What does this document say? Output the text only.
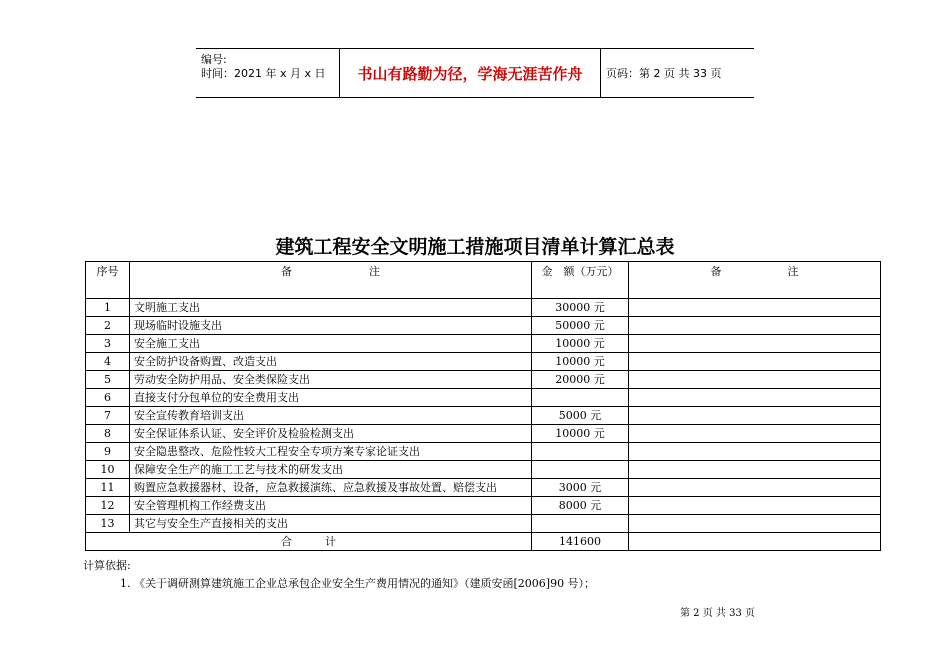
编号:
时间：2021 年 x 月 x 日	书山有路勤为径，学海无涯苦作舟	页码：第 2 页 共 33 页
建筑工程安全文明施工措施项目清单计算汇总表
序号	备　　　　　　　注	金　额（万元）	备　　　　　　注
1	文明施工支出	30000 元	
2	现场临时设施支出	50000 元	
3	安全施工支出	10000 元	
4	安全防护设备购置、改造支出	10000 元	
5	劳动安全防护用品、安全类保险支出	20000 元	
6	直接支付分包单位的安全费用支出		
7	安全宣传教育培训支出	5000 元	
8	安全保证体系认证、安全评价及检验检测支出	10000 元	
9	安全隐患整改、危险性较大工程安全专项方案专家论证支出		
10	保障安全生产的施工工艺与技术的研发支出		
11	购置应急救援器材、设备，应急救援演练、应急救援及事故处置、赔偿支出	3000 元	
12	安全管理机构工作经费支出	8000 元	
13	其它与安全生产直接相关的支出		
合　　　计		141600	
计算依据:
1. 《关于调研测算建筑施工企业总承包企业安全生产费用情况的通知》（建质安函[2006]90 号）；
第 2 页 共 33 页
